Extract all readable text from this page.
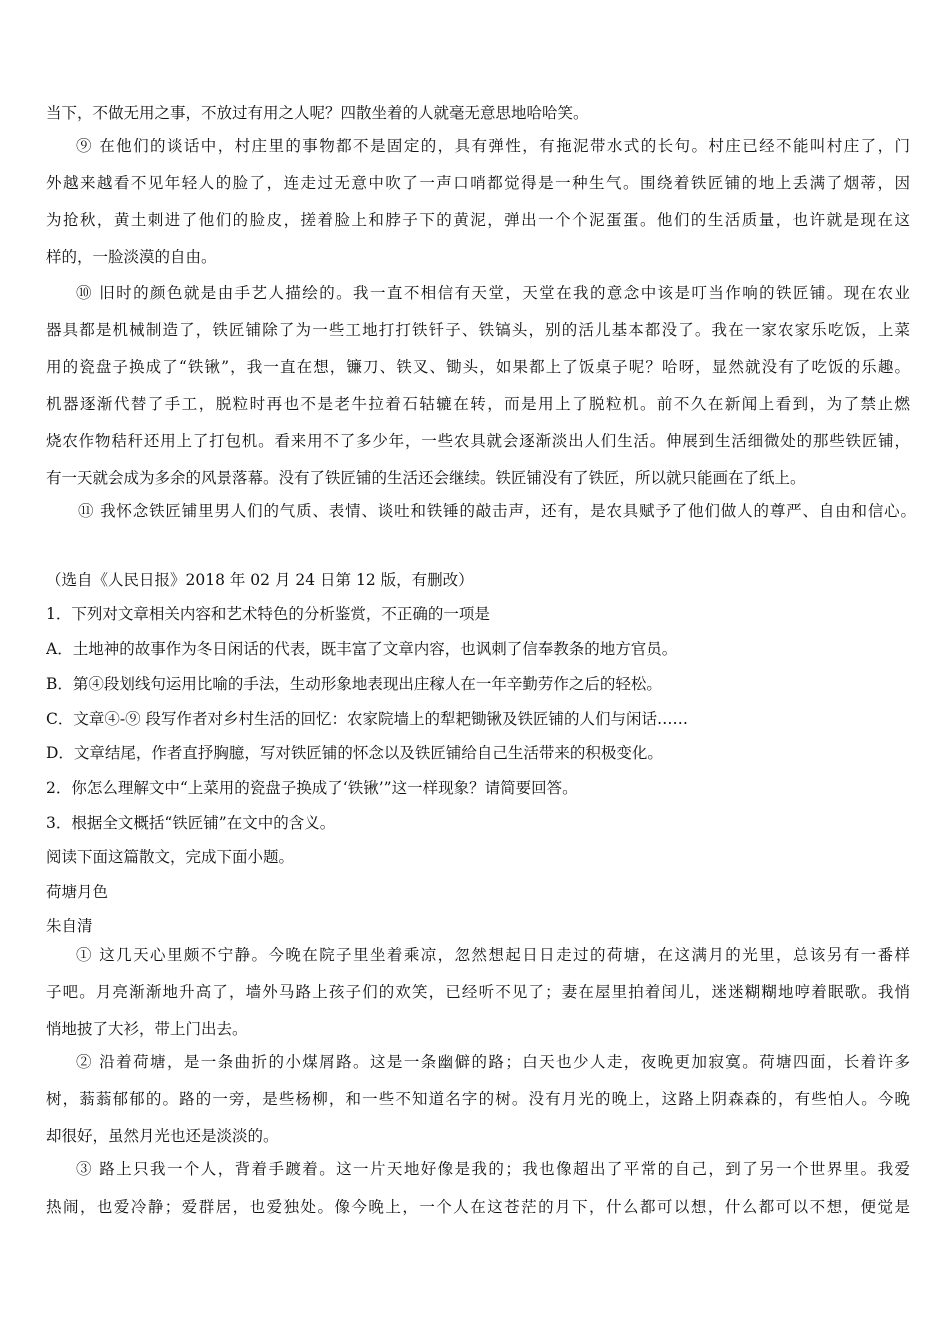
当下，不做无用之事，不放过有用之人呢？四散坐着的人就毫无意思地哈哈笑。
⑨ 在他们的谈话中，村庄里的事物都不是固定的，具有弹性，有拖泥带水式的长句。村庄已经不能叫村庄了，门
外越来越看不见年轻人的脸了，连走过无意中吹了一声口哨都觉得是一种生气。围绕着铁匠铺的地上丢满了烟蒂，因
为抢秋，黄土刺进了他们的脸皮，搓着脸上和脖子下的黄泥，弹出一个个泥蛋蛋。他们的生活质量，也许就是现在这
样的，一脸淡漠的自由。
⑩ 旧时的颜色就是由手艺人描绘的。我一直不相信有天堂，天堂在我的意念中该是叮当作响的铁匠铺。现在农业
器具都是机械制造了，铁匠铺除了为一些工地打打铁钎子、铁镐头，别的活儿基本都没了。我在一家农家乐吃饭，上菜
用的瓷盘子换成了“铁锹”，我一直在想，镰刀、铁叉、锄头，如果都上了饭桌子呢？哈呀，显然就没有了吃饭的乐趣。
机器逐渐代替了手工，脱粒时再也不是老牛拉着石轱辘在转，而是用上了脱粒机。前不久在新闻上看到，为了禁止燃
烧农作物秸秆还用上了打包机。看来用不了多少年，一些农具就会逐渐淡出人们生活。伸展到生活细微处的那些铁匠铺，
有一天就会成为多余的风景落幕。没有了铁匠铺的生活还会继续。铁匠铺没有了铁匠，所以就只能画在了纸上。
⑪ 我怀念铁匠铺里男人们的气质、表情、谈吐和铁锤的敲击声，还有，是农具赋予了他们做人的尊严、自由和信心。
（选自《人民日报》2018 年 02 月 24 日第 12 版，有删改）
1．下列对文章相关内容和艺术特色的分析鉴赏，不正确的一项是
A．土地神的故事作为冬日闲话的代表，既丰富了文章内容，也讽刺了信奉教条的地方官员。
B．第④段划线句运用比喻的手法，生动形象地表现出庄稼人在一年辛勤劳作之后的轻松。
C．文章④-⑨ 段写作者对乡村生活的回忆：农家院墙上的犁耙锄锹及铁匠铺的人们与闲话……
D．文章结尾，作者直抒胸臆，写对铁匠铺的怀念以及铁匠铺给自己生活带来的积极变化。
2．你怎么理解文中“上菜用的瓷盘子换成了‘铁锹’”这一样现象？请简要回答。
3．根据全文概括“铁匠铺”在文中的含义。
阅读下面这篇散文，完成下面小题。
荷塘月色
朱自清
① 这几天心里颇不宁静。今晚在院子里坐着乘凉，忽然想起日日走过的荷塘，在这满月的光里，总该另有一番样
子吧。月亮渐渐地升高了，墙外马路上孩子们的欢笑，已经听不见了；妻在屋里拍着闰儿，迷迷糊糊地哼着眠歌。我悄
悄地披了大衫，带上门出去。
② 沿着荷塘，是一条曲折的小煤屑路。这是一条幽僻的路；白天也少人走，夜晚更加寂寞。荷塘四面，长着许多
树，蓊蓊郁郁的。路的一旁，是些杨柳，和一些不知道名字的树。没有月光的晚上，这路上阴森森的，有些怕人。今晚
却很好，虽然月光也还是淡淡的。
③ 路上只我一个人，背着手踱着。这一片天地好像是我的；我也像超出了平常的自己，到了另一个世界里。我爱
热闹，也爱冷静；爱群居，也爱独处。像今晚上，一个人在这苍茫的月下，什么都可以想，什么都可以不想，便觉是
